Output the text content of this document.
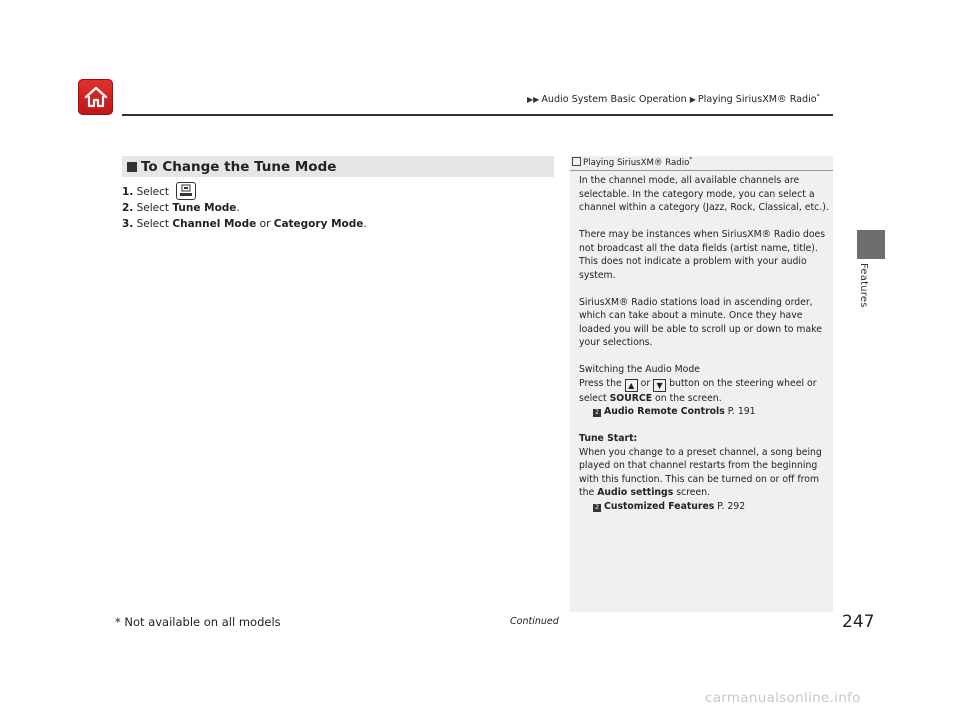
▶▶ Audio System Basic Operation ▶ Playing SiriusXM® Radio*
Features
To Change the Tune Mode
1. Select
2. Select Tune Mode.
3. Select Channel Mode or Category Mode.
Playing SiriusXM® Radio*

In the channel mode, all available channels are selectable. In the category mode, you can select a channel within a category (Jazz, Rock, Classical, etc.).

There may be instances when SiriusXM® Radio does not broadcast all the data fields (artist name, title). This does not indicate a problem with your audio system.

SiriusXM® Radio stations load in ascending order, which can take about a minute. Once they have loaded you will be able to scroll up or down to make your selections.

Switching the Audio Mode
Press the ▲ or ▼ button on the steering wheel or select SOURCE on the screen.
2 Audio Remote Controls P. 191
Tune Start:
When you change to a preset channel, a song being played on that channel restarts from the beginning with this function. This can be turned on or off from the Audio settings screen.
2 Customized Features P. 292
* Not available on all models	Continued	247
carmanualsonline.info
